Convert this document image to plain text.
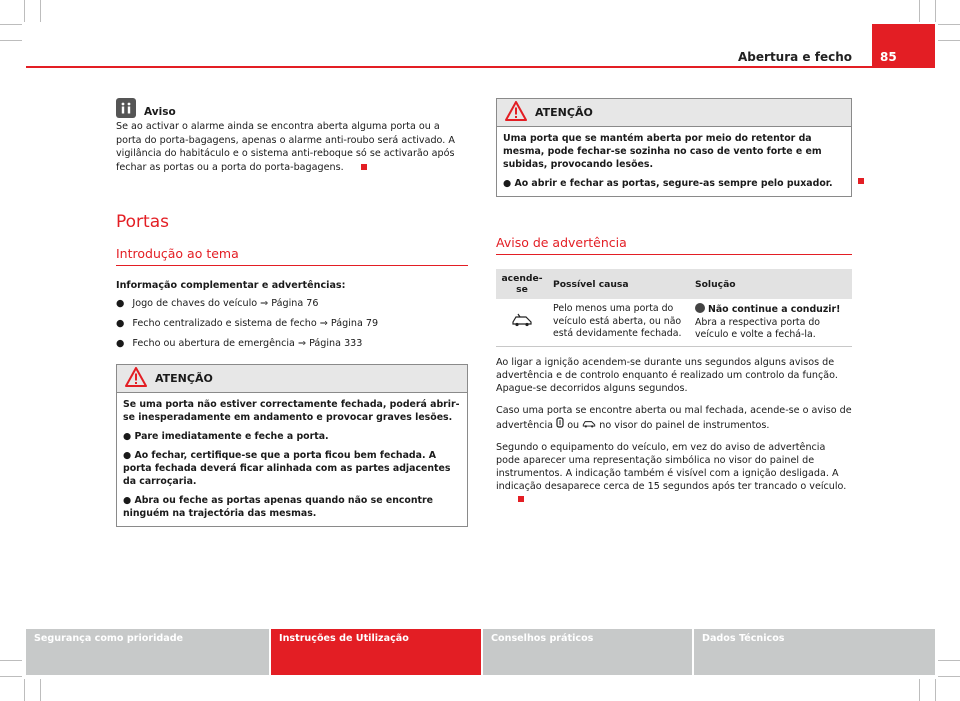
85
Abertura e fecho
Aviso

Se ao activar o alarme ainda se encontra aberta alguma porta ou a porta do porta-bagagens, apenas o alarme anti-roubo será activado. A vigilância do habitáculo e o sistema anti-reboque só se activarão após fechar as portas ou a porta do porta-bagagens.

Portas
Introdução ao tema
Informação complementar e advertências:
● Jogo de chaves do veículo ⇒ Página 76
● Fecho centralizado e sistema de fecho ⇒ Página 79
● Fecho ou abertura de emergência ⇒ Página 333
ATENÇÃO

Se uma porta não estiver correctamente fechada, poderá abrir-se inesperadamente em andamento e provocar graves lesões.

● Pare imediatamente e feche a porta.

● Ao fechar, certifique-se que a porta ficou bem fechada. A porta fechada deverá ficar alinhada com as partes adjacentes da carroçaria.

● Abra ou feche as portas apenas quando não se encontre ninguém na trajectória das mesmas.

ATENÇÃO

Uma porta que se mantém aberta por meio do retentor da mesma, pode fechar-se sozinha no caso de vento forte e em subidas, provocando lesões.

● Ao abrir e fechar as portas, segure-as sempre pelo puxador.

Aviso de advertência
acende-se	Possível causa	Solução
	Pelo menos uma porta do veículo está aberta, ou não está devidamente fechada.	Não continue a conduzir!
Abra a respectiva porta do veículo e volte a fechá-la.

Ao ligar a ignição acendem-se durante uns segundos alguns avisos de advertência e de controlo enquanto é realizado um controlo da função. Apague-se decorridos alguns segundos.

Caso uma porta se encontre aberta ou mal fechada, acende-se o aviso de advertência ou no visor do painel de instrumentos.

Segundo o equipamento do veículo, em vez do aviso de advertência pode aparecer uma representação simbólica no visor do painel de instrumentos. A indicação também é visível com a ignição desligada. A indicação desaparece cerca de 15 segundos após ter trancado o veículo.

Segurança como prioridade	Instruções de Utilização	Conselhos práticos	Dados Técnicos
